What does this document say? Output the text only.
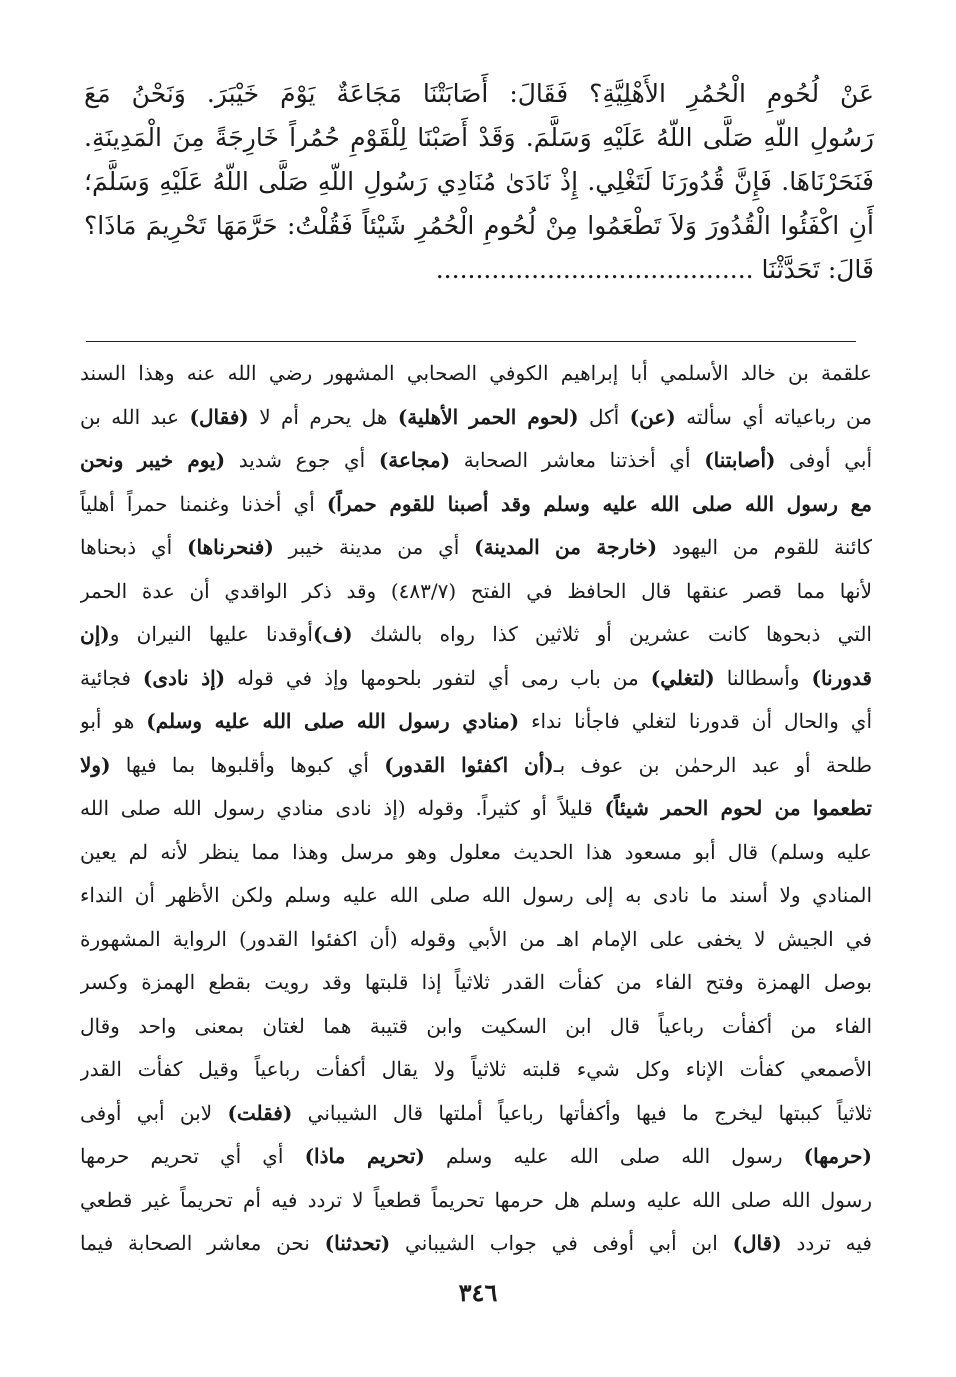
عَنْ لُحُومِ الْحُمُرِ الأَهْلِيَّةِ؟ فَقَالَ: أَصَابَتْنَا مَجَاعَةٌ يَوْمَ خَيْبَرَ. وَنَحْنُ مَعَ
رَسُولِ اللّهِ صَلَّى اللّهُ عَلَيْهِ وَسَلَّمَ. وَقَدْ أَصَبْنَا لِلْقَوْمِ حُمُراً خَارِجَةً مِنَ الْمَدِينَةِ.
فَنَحَرْنَاهَا. فَإِنَّ قُدُورَنَا لَتَغْلِي. إِذْ نَادَىٰ مُنَادِي رَسُولِ اللّهِ صَلَّى اللّهُ عَلَيْهِ وَسَلَّمَ؛
أَنِ اكْفَئُوا الْقُدُورَ وَلاَ تَطْعَمُوا مِنْ لُحُومِ الْحُمُرِ شَيْئاً فَقُلْتُ: حَرَّمَهَا تَحْرِيمَ مَاذَا؟
قَالَ: تَحَدَّثْنَا ........................................
علقمة بن خالد الأسلمي أبا إبراهيم الكوفي الصحابي المشهور رضي الله عنه وهذا السند
من رباعياته أي سألته (عن) أكل (لحوم الحمر الأهلية) هل يحرم أم لا (فقال) عبد الله بن
أبي أوفى (أصابتنا) أي أخذتنا معاشر الصحابة (مجاعة) أي جوع شديد (يوم خيبر ونحن
مع رسول الله صلى الله عليه وسلم وقد أصبنا للقوم حمراً) أي أخذنا وغنمنا حمراً أهلياً
كائنة للقوم من اليهود (خارجة من المدينة) أي من مدينة خيبر (فنحرناها) أي ذبحناها
لأنها مما قصر عنقها قال الحافظ في الفتح (٤٨٣/٧) وقد ذكر الواقدي أن عدة الحمر
التي ذبحوها كانت عشرين أو ثلاثين كذا رواه بالشك (ف)أوقدنا عليها النيران و(إن
قدورنا) وأسطالنا (لتغلي) من باب رمى أي لتفور بلحومها وإذ في قوله (إذ نادى) فجائية
أي والحال أن قدورنا لتغلي فاجأنا نداء (منادي رسول الله صلى الله عليه وسلم) هو أبو
طلحة أو عبد الرحمٰن بن عوف بـ(أن اكفئوا القدور) أي كبوها وأقلبوها بما فيها (ولا
تطعموا من لحوم الحمر شيئاً) قليلاً أو كثيراً. وقوله (إذ نادى منادي رسول الله صلى الله
عليه وسلم) قال أبو مسعود هذا الحديث معلول وهو مرسل وهذا مما ينظر لأنه لم يعين
المنادي ولا أسند ما نادى به إلى رسول الله صلى الله عليه وسلم ولكن الأظهر أن النداء
في الجيش لا يخفى على الإمام اهـ من الأبي وقوله (أن اكفئوا القدور) الرواية المشهورة
بوصل الهمزة وفتح الفاء من كفأت القدر ثلاثياً إذا قلبتها وقد رويت بقطع الهمزة وكسر
الفاء من أكفأت رباعياً قال ابن السكيت وابن قتيبة هما لغتان بمعنى واحد وقال
الأصمعي كفأت الإناء وكل شيء قلبته ثلاثياً ولا يقال أكفأت رباعياً وقيل كفأت القدر
ثلاثياً كببتها ليخرج ما فيها وأكفأتها رباعياً أملتها قال الشيباني (فقلت) لابن أبي أوفى
(حرمها) رسول الله صلى الله عليه وسلم (تحريم ماذا) أي أي تحريم حرمها
رسول الله صلى الله عليه وسلم هل حرمها تحريماً قطعياً لا تردد فيه أم تحريماً غير قطعي
فيه تردد (قال) ابن أبي أوفى في جواب الشيباني (تحدثنا) نحن معاشر الصحابة فيما
٣٤٦
